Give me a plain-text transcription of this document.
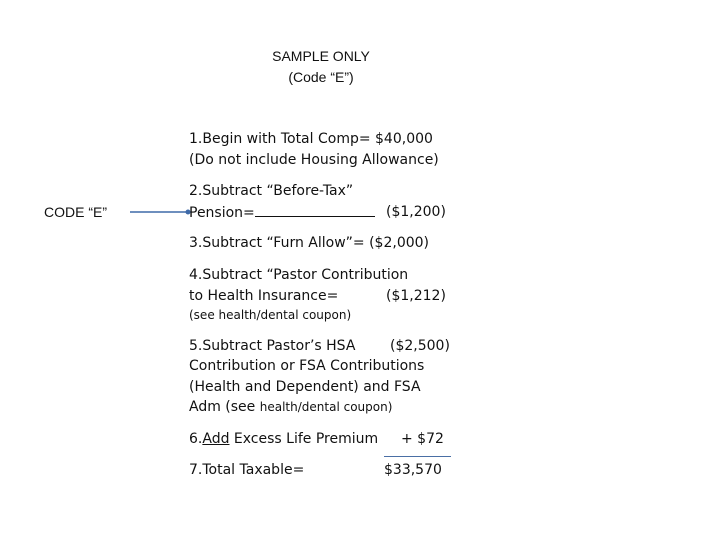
SAMPLE ONLY
(Code “E”)
CODE “E”
1.Begin with Total Comp= $40,000
(Do not include Housing Allowance)
2.Subtract “Before-Tax”
Pension=	($1,200)
3.Subtract “Furn Allow”= ($2,000)
4.Subtract “Pastor Contribution
to Health Insurance=	($1,212)
(see health/dental coupon)
5.Subtract Pastor’s HSA ($2,500)
Contribution or FSA Contributions
(Health and Dependent) and FSA
Adm (see health/dental coupon)
6.Add Excess Life Premium + $72
7.Total Taxable=	$33,570
